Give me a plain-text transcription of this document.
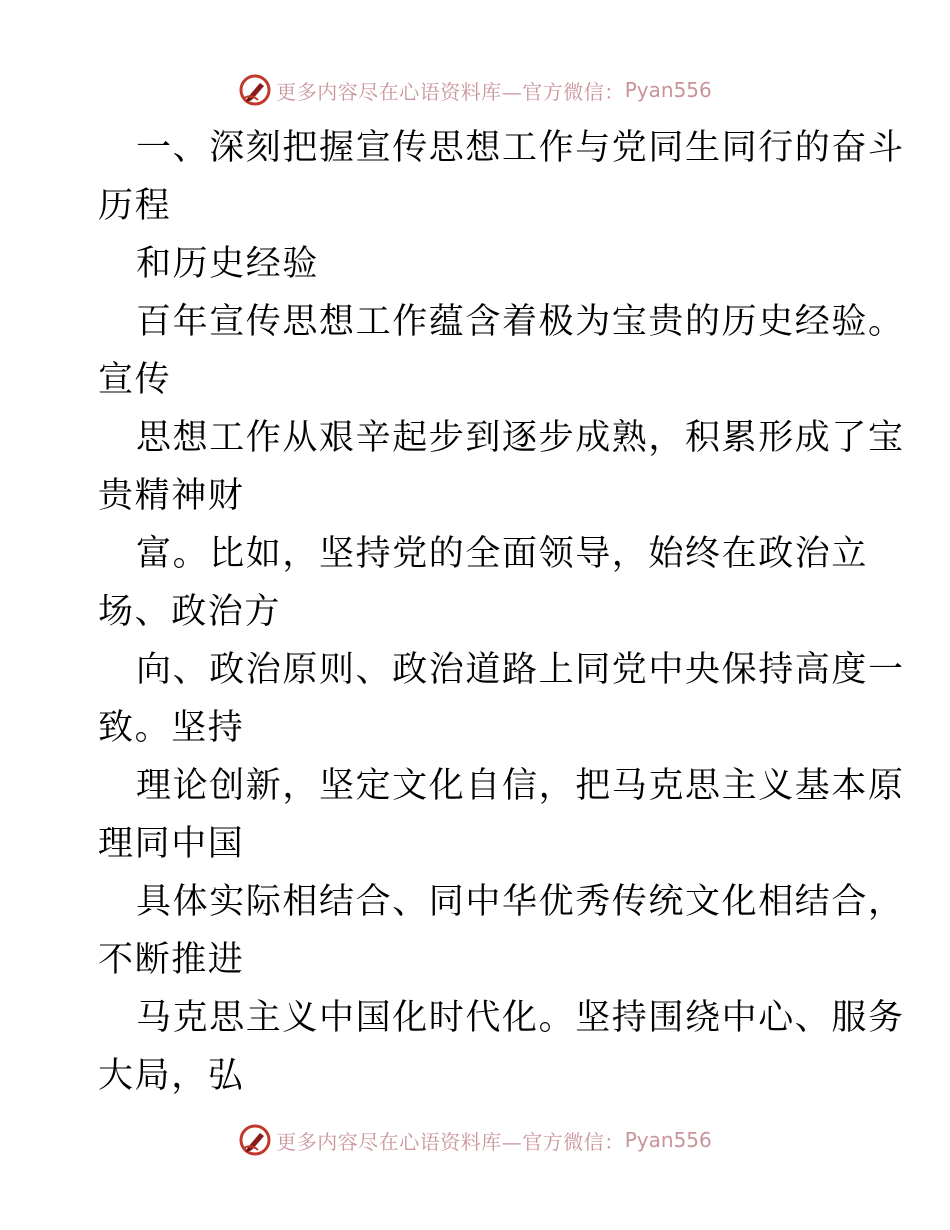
更多内容尽在心语资料库—官方微信： Pyan556
一、深刻把握宣传思想工作与党同生同行的奋斗
历程
和历史经验
百年宣传思想工作蕴含着极为宝贵的历史经验。
宣传
思想工作从艰辛起步到逐步成熟，积累形成了宝
贵精神财
富。比如，坚持党的全面领导，始终在政治立
场、政治方
向、政治原则、政治道路上同党中央保持高度一
致。坚持
理论创新，坚定文化自信，把马克思主义基本原
理同中国
具体实际相结合、同中华优秀传统文化相结合，
不断推进
马克思主义中国化时代化。坚持围绕中心、服务
大局，弘
更多内容尽在心语资料库—官方微信： Pyan556
